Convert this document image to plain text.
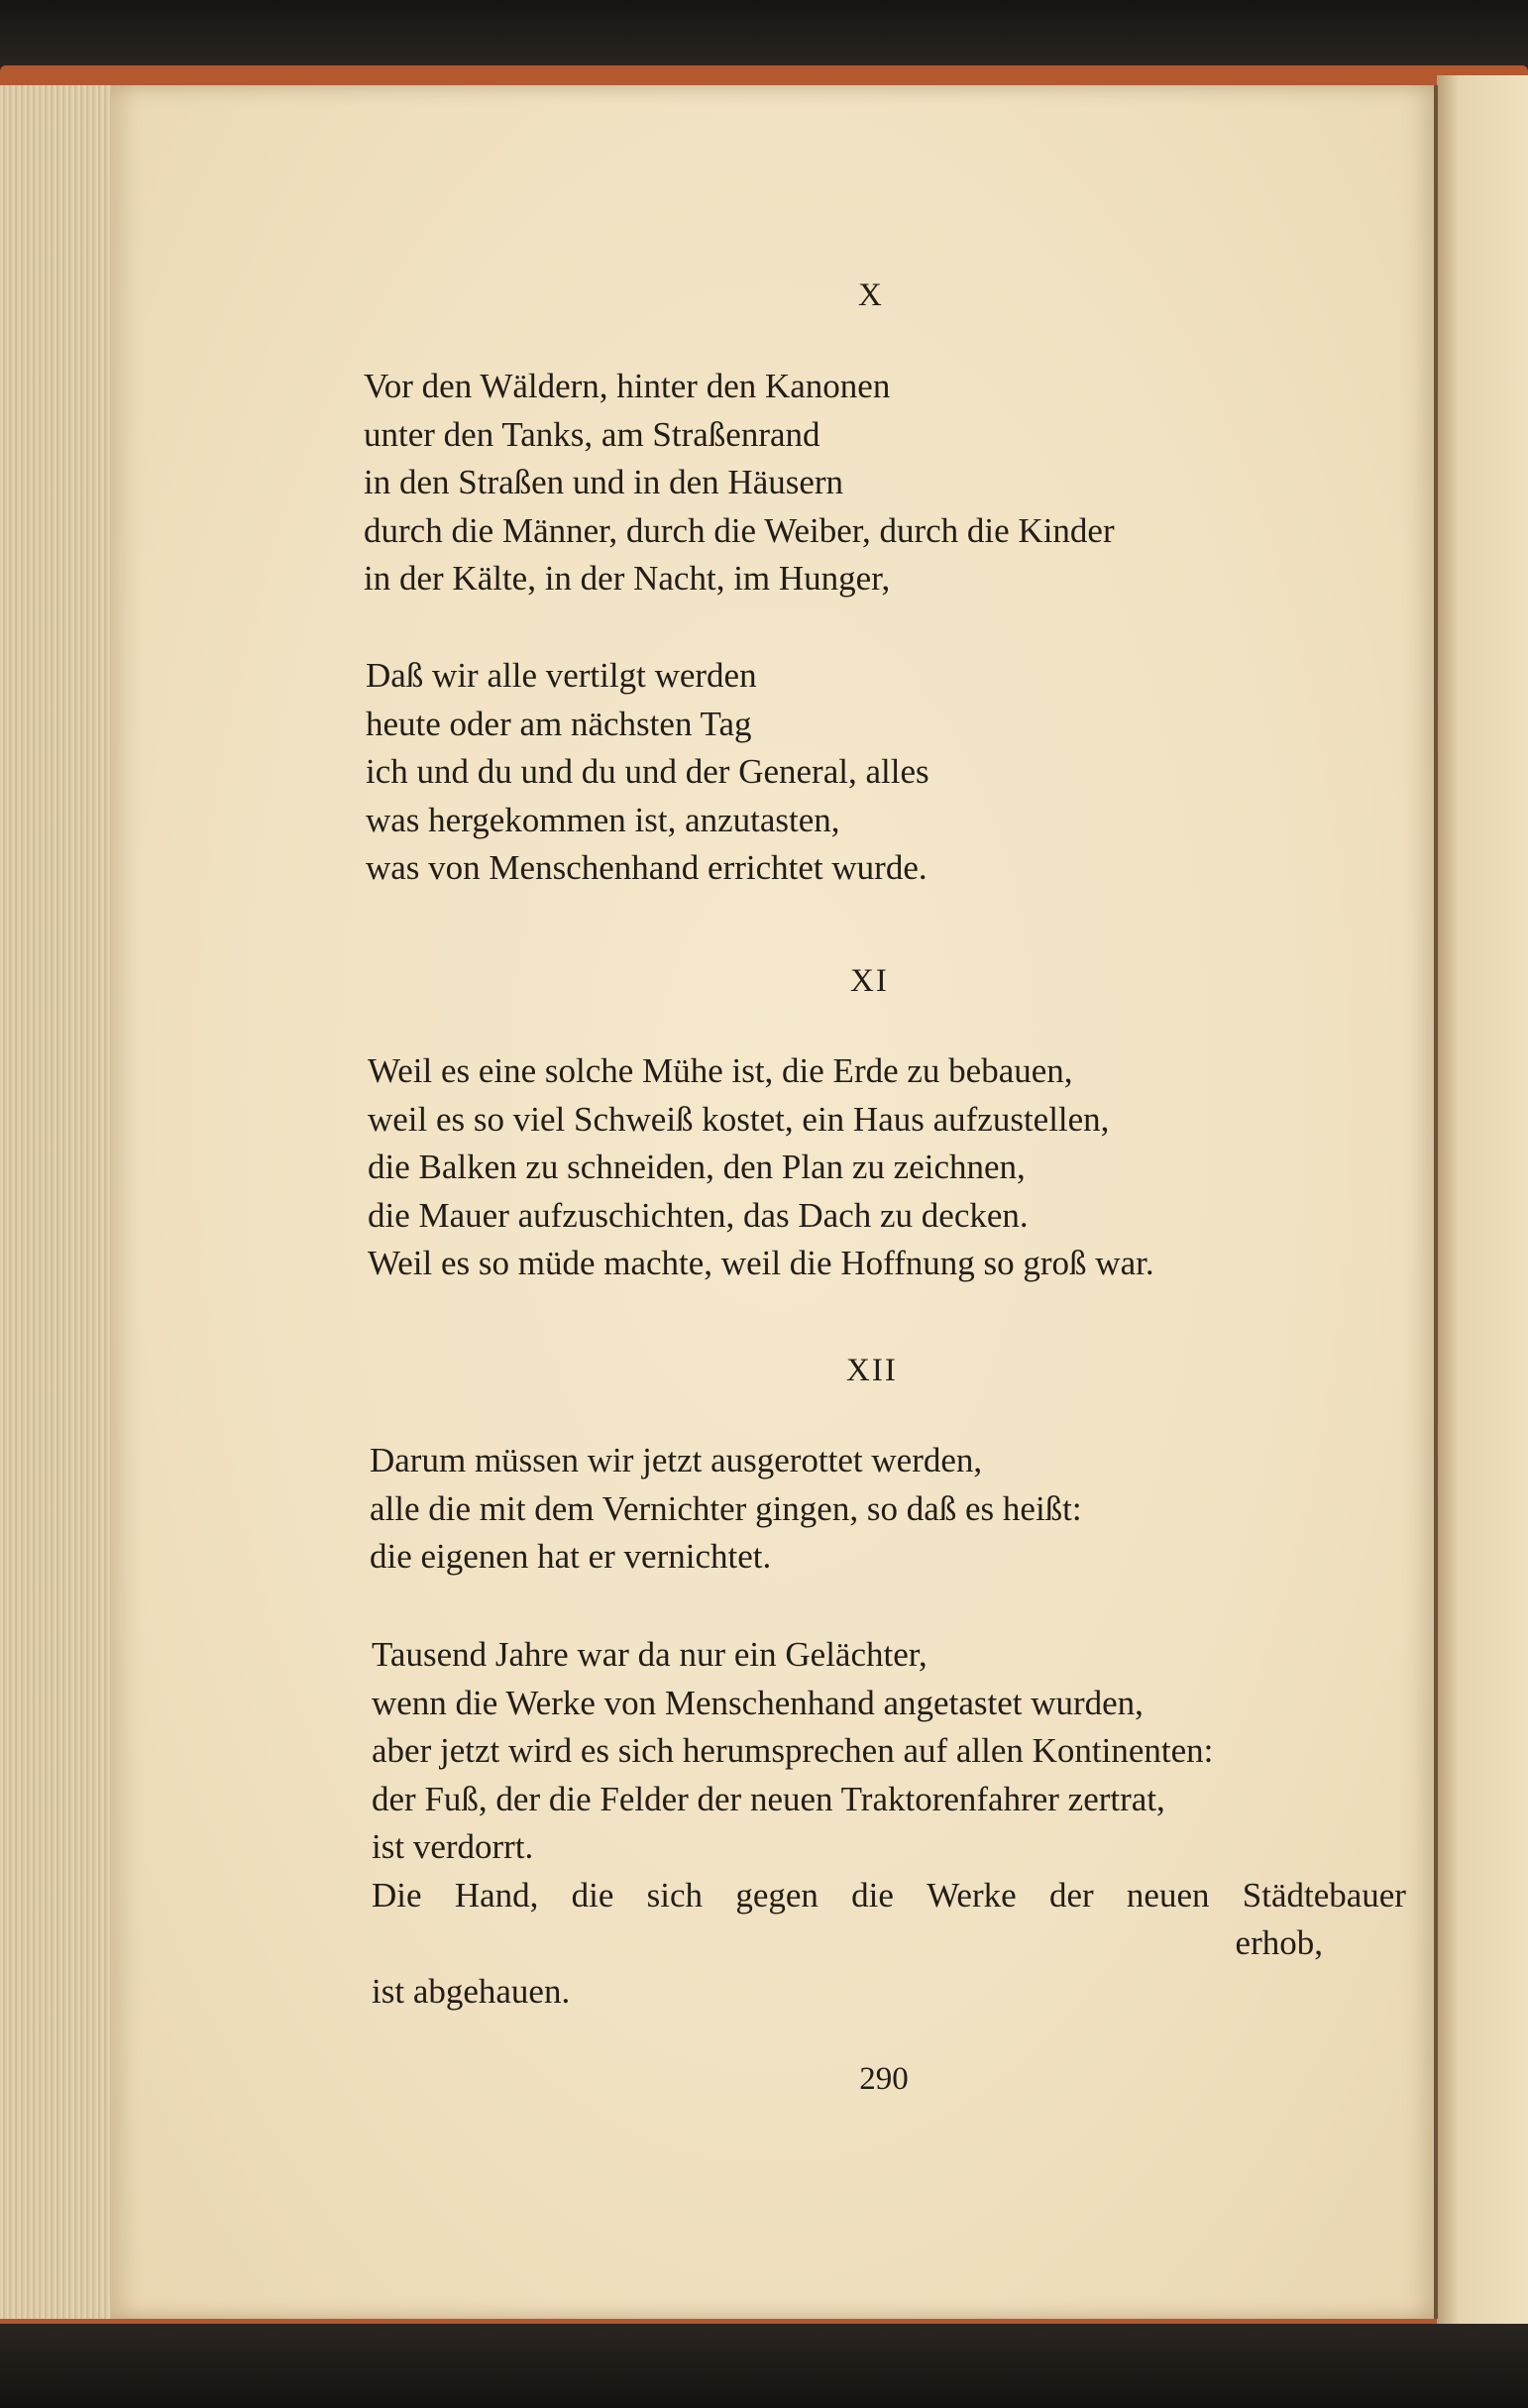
X
Vor den Wäldern, hinter den Kanonen
unter den Tanks, am Straßenrand
in den Straßen und in den Häusern
durch die Männer, durch die Weiber, durch die Kinder
in der Kälte, in der Nacht, im Hunger,
Daß wir alle vertilgt werden
heute oder am nächsten Tag
ich und du und du und der General, alles
was hergekommen ist, anzutasten,
was von Menschenhand errichtet wurde.
XI
Weil es eine solche Mühe ist, die Erde zu bebauen,
weil es so viel Schweiß kostet, ein Haus aufzustellen,
die Balken zu schneiden, den Plan zu zeichnen,
die Mauer aufzuschichten, das Dach zu decken.
Weil es so müde machte, weil die Hoffnung so groß war.
XII
Darum müssen wir jetzt ausgerottet werden,
alle die mit dem Vernichter gingen, so daß es heißt:
die eigenen hat er vernichtet.
Tausend Jahre war da nur ein Gelächter,
wenn die Werke von Menschenhand angetastet wurden,
aber jetzt wird es sich herumsprechen auf allen Kontinenten:
der Fuß, der die Felder der neuen Traktorenfahrer zertrat,
ist verdorrt.
Die Hand, die sich gegen die Werke der neuen Städtebauer
erhob,
ist abgehauen.
290
